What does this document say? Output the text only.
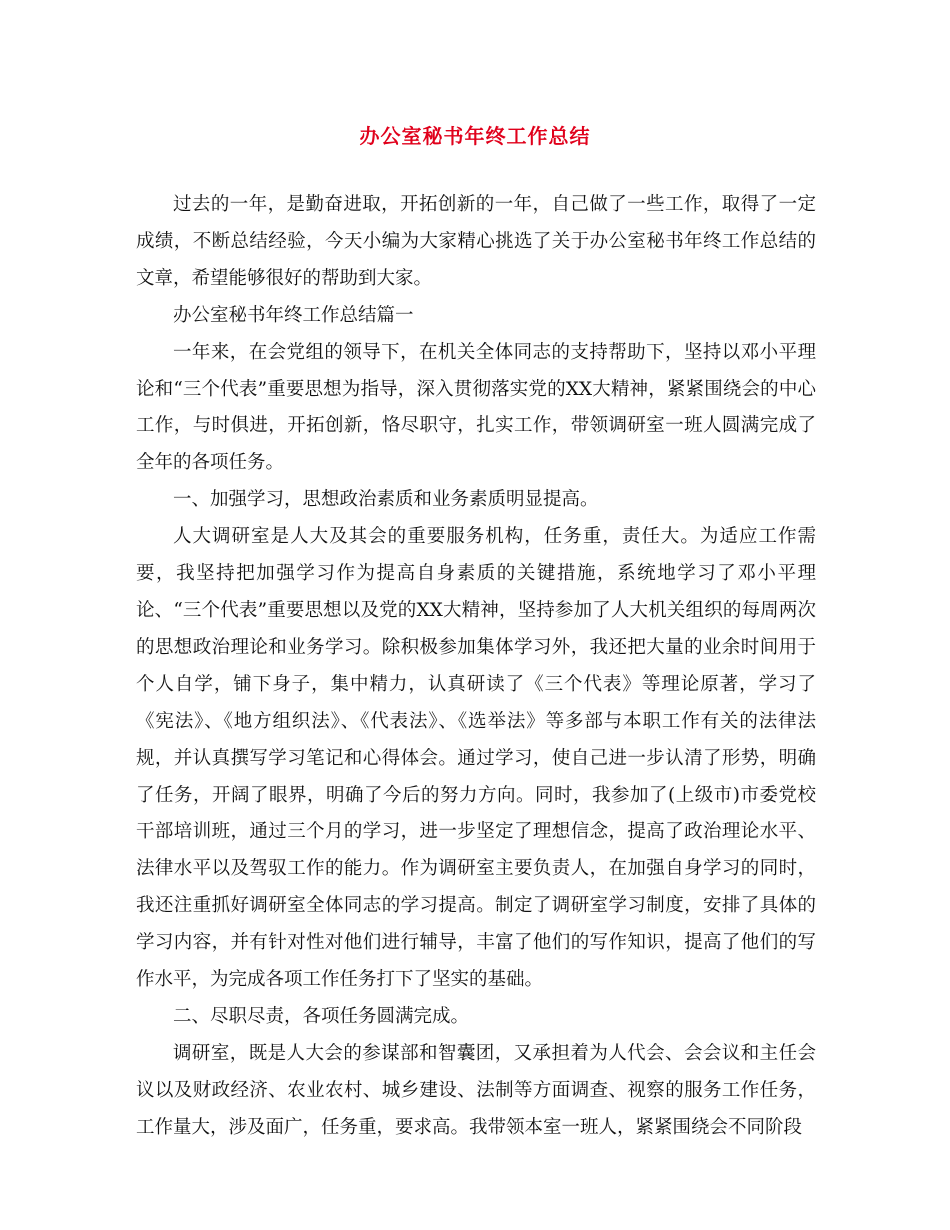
办公室秘书年终工作总结

过去的一年，是勤奋进取，开拓创新的一年，自己做了一些工作，取得了一定成绩，不断总结经验，今天小编为大家精心挑选了关于办公室秘书年终工作总结的文章，希望能够很好的帮助到大家。

办公室秘书年终工作总结篇一

一年来，在会党组的领导下，在机关全体同志的支持帮助下，坚持以邓小平理论和“三个代表”重要思想为指导，深入贯彻落实党的XX大精神，紧紧围绕会的中心工作，与时俱进，开拓创新，恪尽职守，扎实工作，带领调研室一班人圆满完成了全年的各项任务。

一、加强学习，思想政治素质和业务素质明显提高。

人大调研室是人大及其会的重要服务机构，任务重，责任大。为适应工作需要，我坚持把加强学习作为提高自身素质的关键措施，系统地学习了邓小平理论、“三个代表”重要思想以及党的XX大精神，坚持参加了人大机关组织的每周两次的思想政治理论和业务学习。除积极参加集体学习外，我还把大量的业余时间用于个人自学，铺下身子，集中精力，认真研读了《三个代表》等理论原著，学习了《宪法》、《地方组织法》、《代表法》、《选举法》等多部与本职工作有关的法律法规，并认真撰写学习笔记和心得体会。通过学习，使自己进一步认清了形势，明确了任务，开阔了眼界，明确了今后的努力方向。同时，我参加了(上级市)市委党校干部培训班，通过三个月的学习，进一步坚定了理想信念，提高了政治理论水平、法律水平以及驾驭工作的能力。作为调研室主要负责人，在加强自身学习的同时，我还注重抓好调研室全体同志的学习提高。制定了调研室学习制度，安排了具体的学习内容，并有针对性对他们进行辅导，丰富了他们的写作知识，提高了他们的写作水平，为完成各项工作任务打下了坚实的基础。

二、尽职尽责，各项任务圆满完成。

调研室，既是人大会的参谋部和智囊团，又承担着为人代会、会会议和主任会议以及财政经济、农业农村、城乡建设、法制等方面调查、视察的服务工作任务，工作量大，涉及面广，任务重，要求高。我带领本室一班人，紧紧围绕会不同阶段
